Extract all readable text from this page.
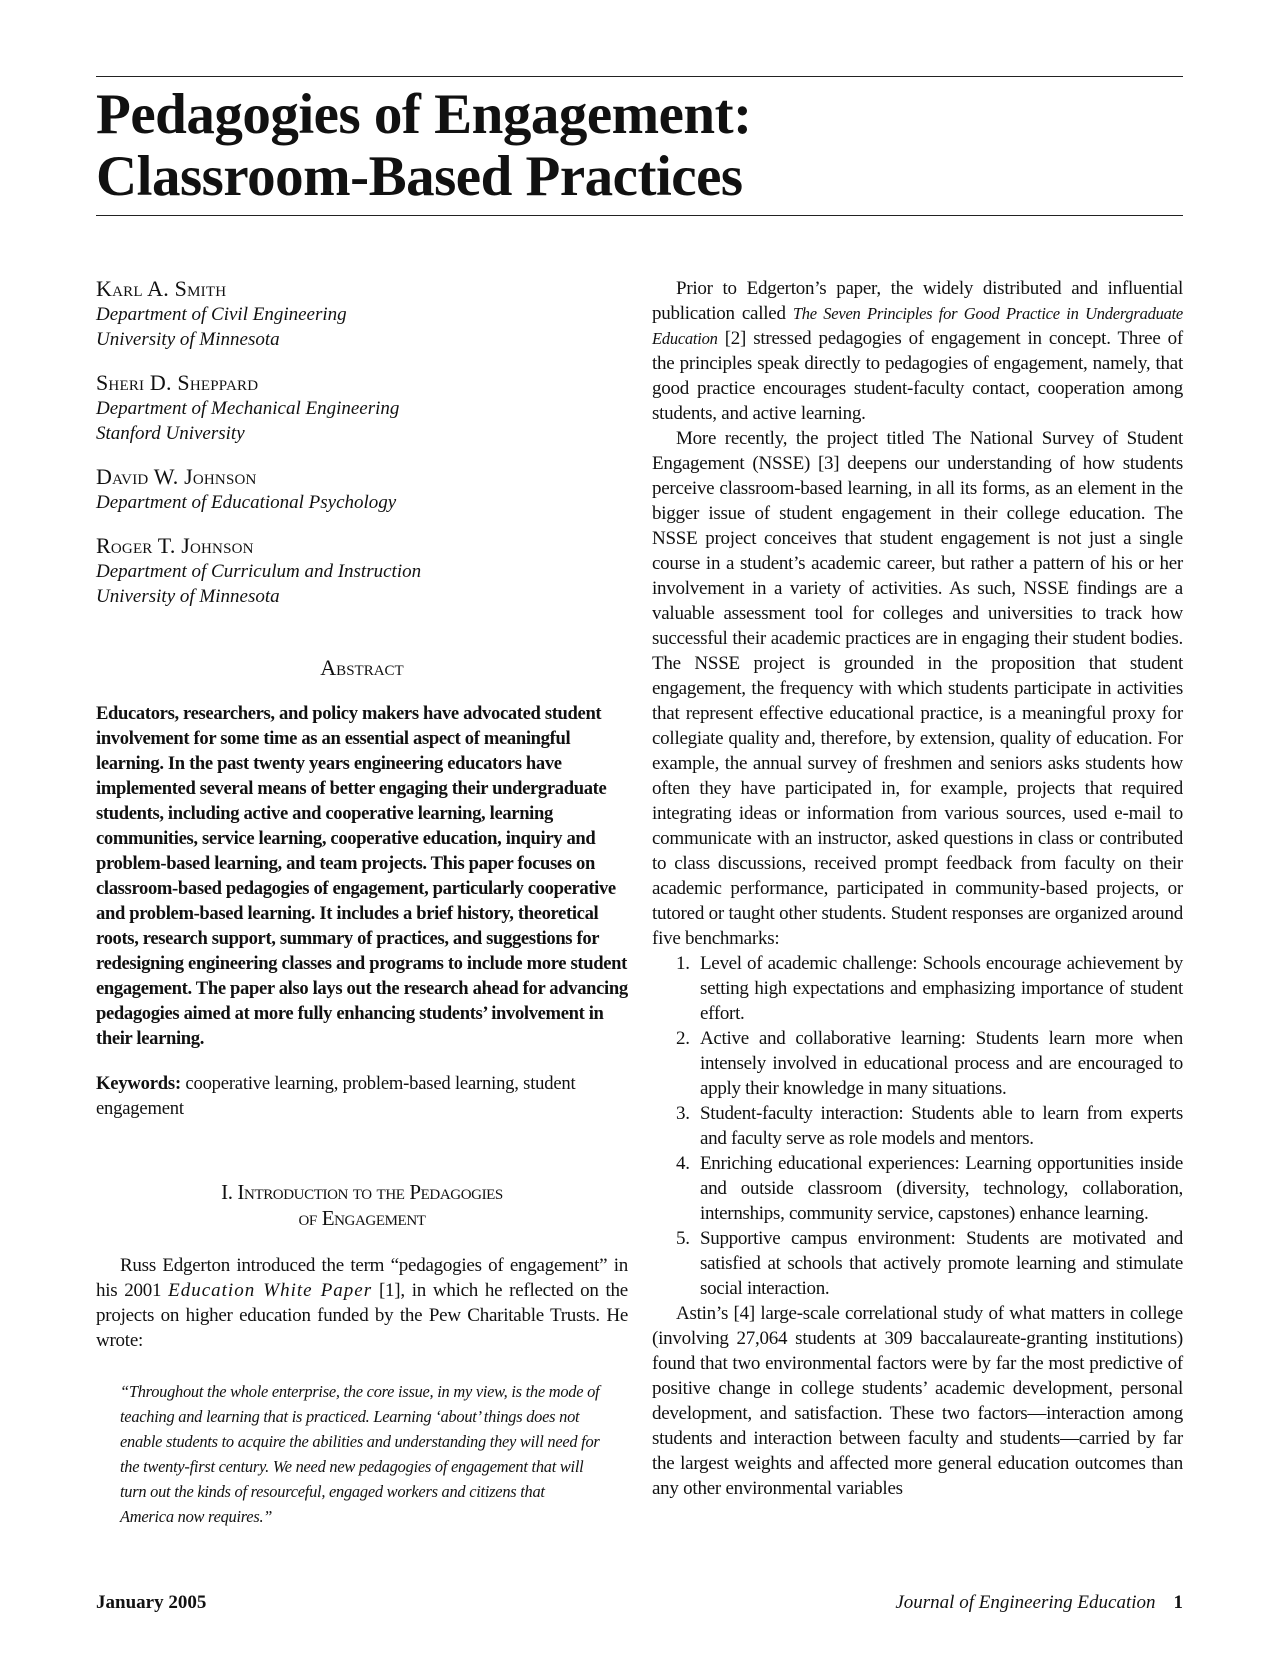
Pedagogies of Engagement:
Classroom-Based Practices
Karl A. Smith
Department of Civil Engineering
University of Minnesota
Sheri D. Sheppard
Department of Mechanical Engineering
Stanford University
David W. Johnson
Department of Educational Psychology
Roger T. Johnson
Department of Curriculum and Instruction
University of Minnesota
Abstract

Educators, researchers, and policy makers have advocated student involvement for some time as an essential aspect of meaningful learning. In the past twenty years engineering educators have implemented several means of better engaging their undergraduate students, including active and cooperative learning, learning communities, service learning, cooperative education, inquiry and problem-based learning, and team projects. This paper focuses on classroom-based pedagogies of engagement, particularly cooperative and problem-based learning. It includes a brief history, theoretical roots, research support, summary of practices, and suggestions for redesigning engineering classes and programs to include more student engagement. The paper also lays out the research ahead for advancing pedagogies aimed at more fully enhancing students’ involvement in their learning.

Keywords: cooperative learning, problem-based learning, student engagement

I. Introduction to the Pedagogies
of Engagement

Russ Edgerton introduced the term “pedagogies of engagement” in his 2001 Education White Paper [1], in which he reflected on the projects on higher education funded by the Pew Charitable Trusts. He wrote:

“Throughout the whole enterprise, the core issue, in my view, is the mode of teaching and learning that is practiced. Learning ‘about’ things does not enable students to acquire the abilities and understanding they will need for the twenty-first century. We need new pedagogies of engagement that will turn out the kinds of resourceful, engaged workers and citizens that America now requires.”

Prior to Edgerton’s paper, the widely distributed and influential publication called The Seven Principles for Good Practice in Undergraduate Education [2] stressed pedagogies of engagement in concept. Three of the principles speak directly to pedagogies of engagement, namely, that good practice encourages student-faculty contact, cooperation among students, and active learning.

More recently, the project titled The National Survey of Student Engagement (NSSE) [3] deepens our understanding of how students perceive classroom-based learning, in all its forms, as an element in the bigger issue of student engagement in their college education. The NSSE project conceives that student engagement is not just a single course in a student’s academic career, but rather a pattern of his or her involvement in a variety of activities. As such, NSSE findings are a valuable assessment tool for colleges and universities to track how successful their academic practices are in engaging their student bodies. The NSSE project is grounded in the proposition that student engagement, the frequency with which students participate in activities that represent effective educational practice, is a meaningful proxy for collegiate quality and, therefore, by extension, quality of education. For example, the annual survey of freshmen and seniors asks students how often they have participated in, for example, projects that required integrating ideas or information from various sources, used e-mail to communicate with an instructor, asked questions in class or contributed to class discussions, received prompt feedback from faculty on their academic performance, participated in community-based projects, or tutored or taught other students. Student responses are organized around five benchmarks:

1. Level of academic challenge: Schools encourage achievement by setting high expectations and emphasizing importance of student effort.
2. Active and collaborative learning: Students learn more when intensely involved in educational process and are encouraged to apply their knowledge in many situations.
3. Student-faculty interaction: Students able to learn from experts and faculty serve as role models and mentors.
4. Enriching educational experiences: Learning opportunities inside and outside classroom (diversity, technology, collaboration, internships, community service, capstones) enhance learning.
5. Supportive campus environment: Students are motivated and satisfied at schools that actively promote learning and stimulate social interaction.

Astin’s [4] large-scale correlational study of what matters in college (involving 27,064 students at 309 baccalaureate-granting institutions) found that two environmental factors were by far the most predictive of positive change in college students’ academic development, personal development, and satisfaction. These two factors—interaction among students and interaction between faculty and students—carried by far the largest weights and affected more general education outcomes than any other environmental variables

January 2005	Journal of Engineering Education 1
